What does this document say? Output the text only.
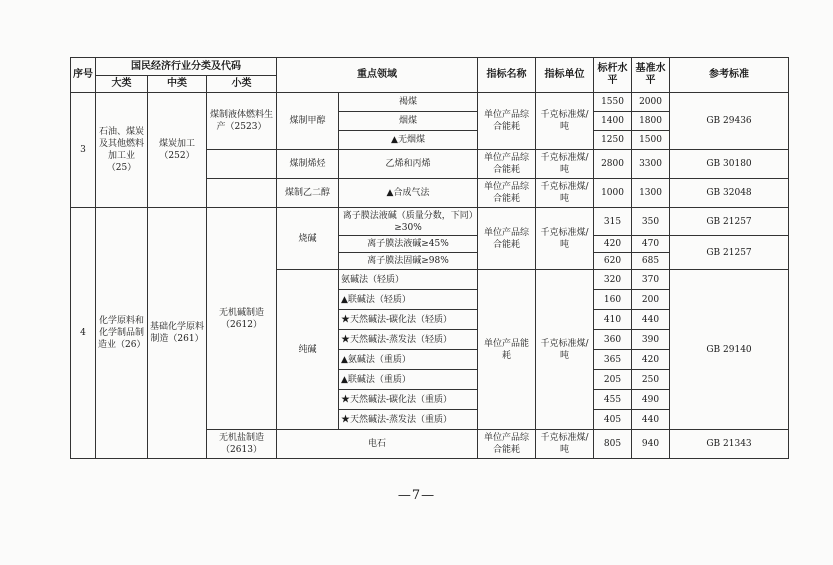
序号	国民经济行业分类及代码			重点领域		指标名称	指标单位	标杆水平	基准水平	参考标准
	大类	中类	小类							
3	石油、煤炭及其他燃料加工业（25）	煤炭加工（252）	煤制液体燃料生产（2523）	煤制甲醇	褐煤	单位产品综合能耗	千克标准煤/吨	1550	2000	GB 29436
					烟煤			1400	1800	
					▲无烟煤			1250	1500	
				煤制烯烃	乙烯和丙烯	单位产品综合能耗	千克标准煤/吨	2800	3300	GB 30180
				煤制乙二醇	▲合成气法	单位产品综合能耗	千克标准煤/吨	1000	1300	GB 32048
4	化学原料和化学制品制造业（26）	基础化学原料制造（261）	无机碱制造（2612）	烧碱	离子膜法液碱（质量分数，下同）≥30%	单位产品综合能耗	千克标准煤/吨	315	350	GB 21257
					离子膜法液碱≥45%			420	470	GB 21257
					离子膜法固碱≥98%			620	685	
				纯碱	氨碱法（轻质）	单位产品能耗	千克标准煤/吨	320	370	GB 29140
					▲联碱法（轻质）			160	200	
					★天然碱法-碳化法（轻质）			410	440	
					★天然碱法-蒸发法（轻质）			360	390	
					▲氨碱法（重质）			365	420	
					▲联碱法（重质）			205	250	
					★天然碱法-碳化法（重质）			455	490	
					★天然碱法-蒸发法（重质）			405	440	
			无机盐制造（2613）	电石		单位产品综合能耗	千克标准煤/吨	805	940	GB 21343
—7—
